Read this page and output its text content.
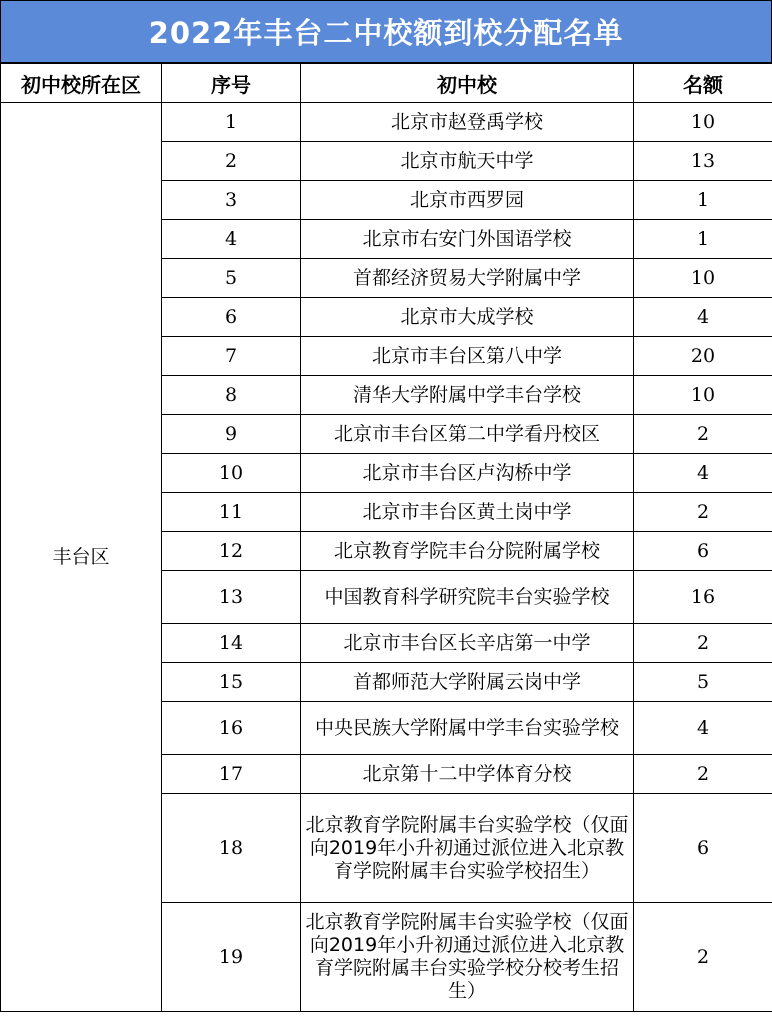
2022年丰台二中校额到校分配名单
初中校所在区	序号	初中校	名额
丰台区	1	北京市赵登禹学校	10
	2	北京市航天中学	13
	3	北京市西罗园	1
	4	北京市右安门外国语学校	1
	5	首都经济贸易大学附属中学	10
	6	北京市大成学校	4
	7	北京市丰台区第八中学	20
	8	清华大学附属中学丰台学校	10
	9	北京市丰台区第二中学看丹校区	2
	10	北京市丰台区卢沟桥中学	4
	11	北京市丰台区黄土岗中学	2
	12	北京教育学院丰台分院附属学校	6
	13	中国教育科学研究院丰台实验学校	16
	14	北京市丰台区长辛店第一中学	2
	15	首都师范大学附属云岗中学	5
	16	中央民族大学附属中学丰台实验学校	4
	17	北京第十二中学体育分校	2
	18	北京教育学院附属丰台实验学校（仅面向2019年小升初通过派位进入北京教育学院附属丰台实验学校招生）	6
	19	北京教育学院附属丰台实验学校（仅面向2019年小升初通过派位进入北京教育学院附属丰台实验学校分校考生招生）	2
